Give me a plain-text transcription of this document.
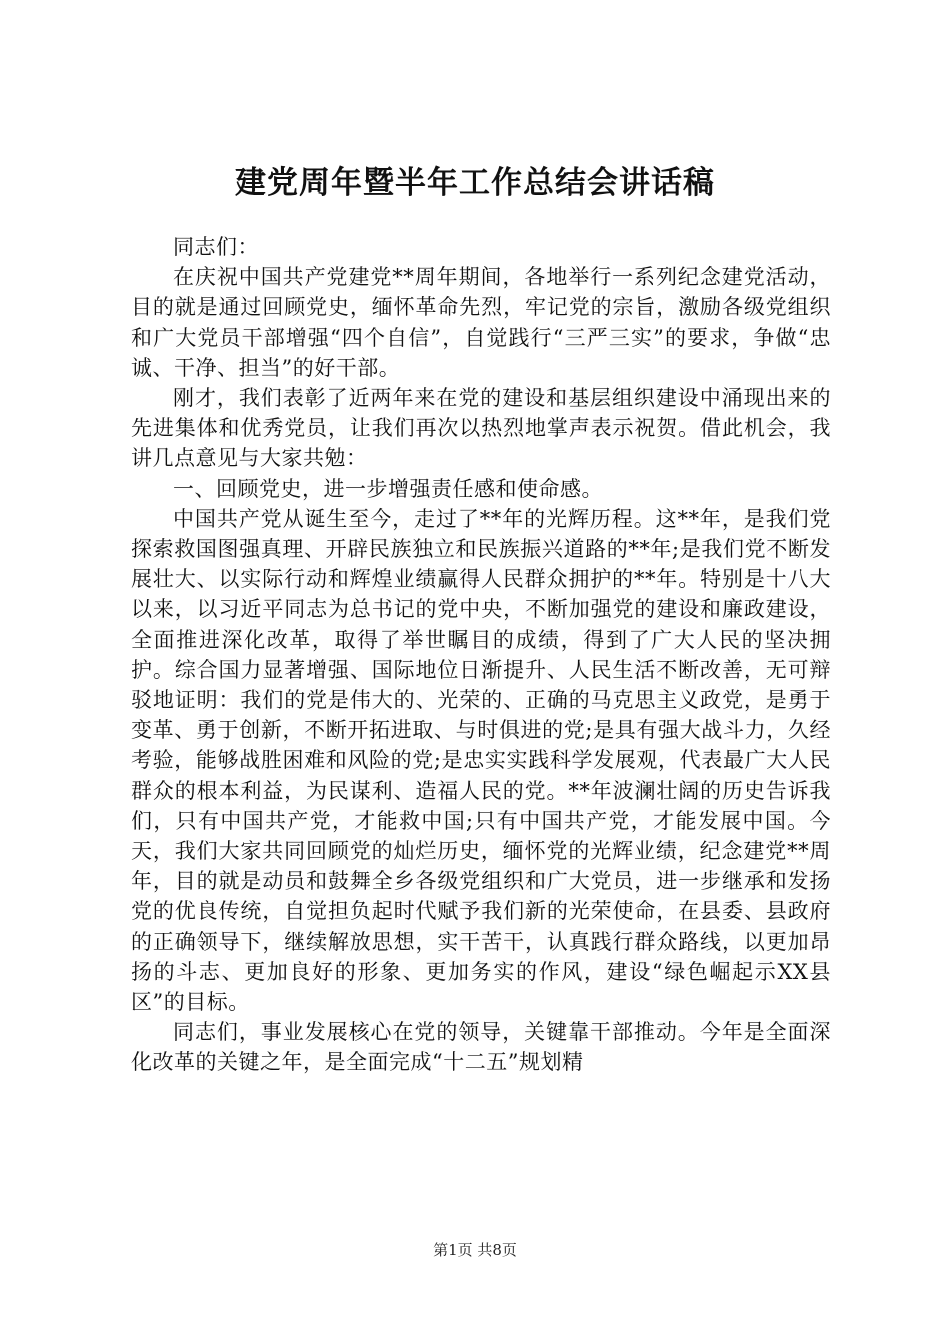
建党周年暨半年工作总结会讲话稿

同志们：

在庆祝中国共产党建党**周年期间，各地举行一系列纪念建党活动，目的就是通过回顾党史，缅怀革命先烈，牢记党的宗旨，激励各级党组织和广大党员干部增强“四个自信”，自觉践行“三严三实”的要求，争做“忠诚、干净、担当”的好干部。

刚才，我们表彰了近两年来在党的建设和基层组织建设中涌现出来的先进集体和优秀党员，让我们再次以热烈地掌声表示祝贺。借此机会，我讲几点意见与大家共勉：

一、回顾党史，进一步增强责任感和使命感。

中国共产党从诞生至今，走过了**年的光辉历程。这**年，是我们党探索救国图强真理、开辟民族独立和民族振兴道路的**年;是我们党不断发展壮大、以实际行动和辉煌业绩赢得人民群众拥护的**年。特别是十八大以来，以习近平同志为总书记的党中央，不断加强党的建设和廉政建设，全面推进深化改革，取得了举世瞩目的成绩，得到了广大人民的坚决拥护。综合国力显著增强、国际地位日渐提升、人民生活不断改善，无可辩驳地证明：我们的党是伟大的、光荣的、正确的马克思主义政党，是勇于变革、勇于创新，不断开拓进取、与时俱进的党;是具有强大战斗力，久经考验，能够战胜困难和风险的党;是忠实实践科学发展观，代表最广大人民群众的根本利益，为民谋利、造福人民的党。**年波澜壮阔的历史告诉我们，只有中国共产党，才能救中国;只有中国共产党，才能发展中国。今天，我们大家共同回顾党的灿烂历史，缅怀党的光辉业绩，纪念建党**周年，目的就是动员和鼓舞全乡各级党组织和广大党员，进一步继承和发扬党的优良传统，自觉担负起时代赋予我们新的光荣使命，在县委、县政府的正确领导下，继续解放思想，实干苦干，认真践行群众路线，以更加昂扬的斗志、更加良好的形象、更加务实的作风，建设“绿色崛起示XX县区”的目标。

同志们，事业发展核心在党的领导，关键靠干部推动。今年是全面深化改革的关键之年，是全面完成“十二五”规划精

第1页 共8页
